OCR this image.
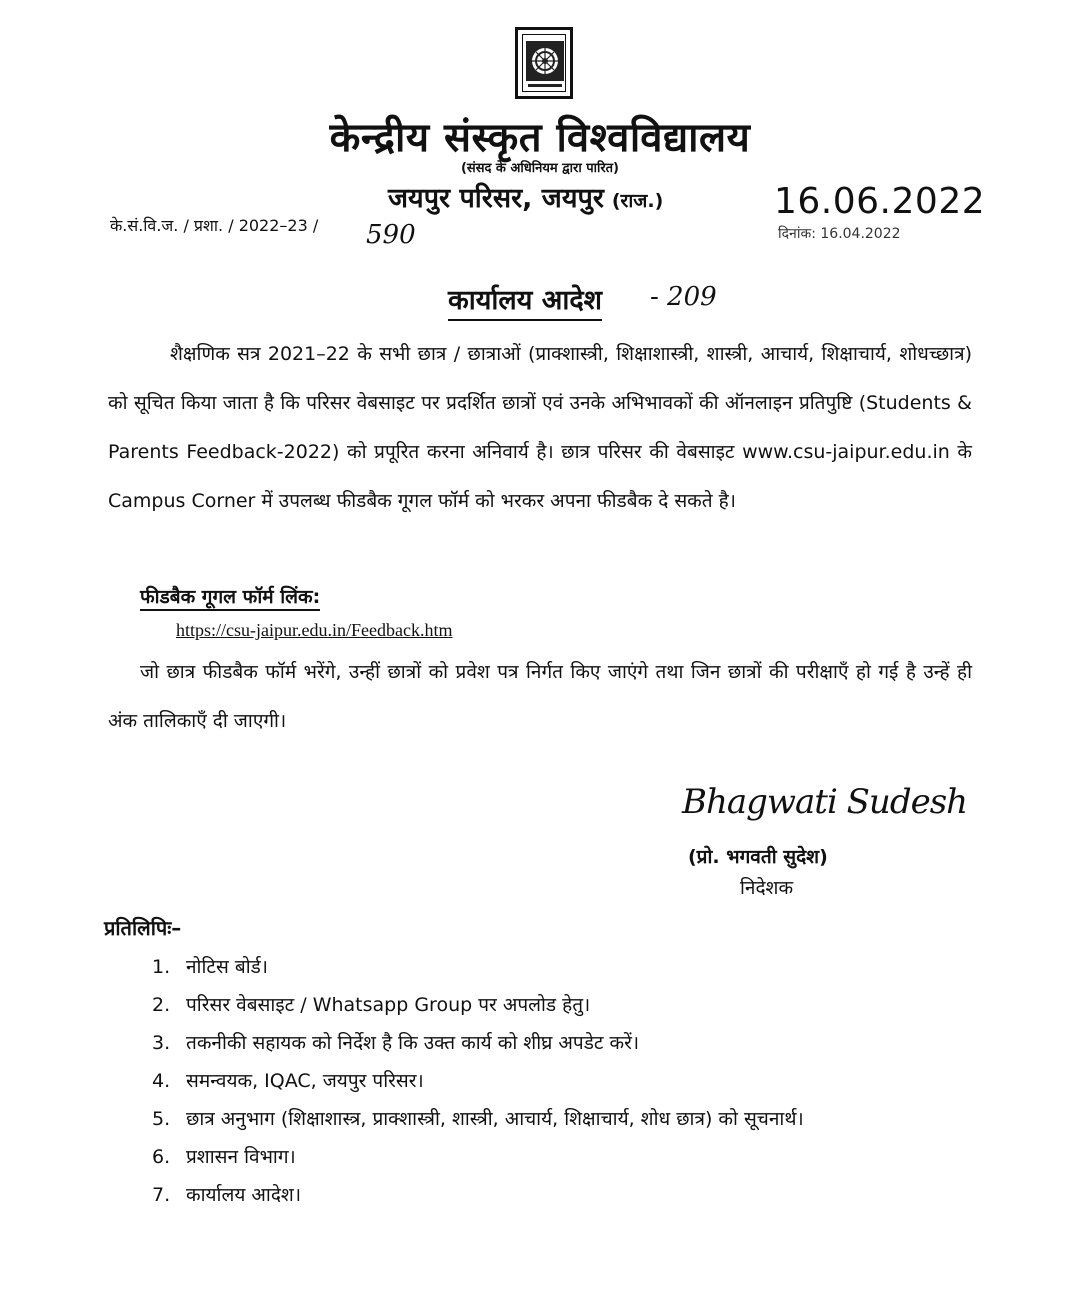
केन्द्रीय संस्कृत विश्वविद्यालय
(संसद के अधिनियम द्वारा पारित)
जयपुर परिसर, जयपुर (राज.)	16.06.2022
के.सं.वि.ज. / प्रशा. / 2022–23 / 590	दिनांक: 16.04.2022
कार्यालय आदेश - 209
शैक्षणिक सत्र 2021–22 के सभी छात्र / छात्राओं (प्राक्शास्त्री, शिक्षाशास्त्री, शास्त्री, आचार्य, शिक्षाचार्य, शोधच्छात्र) को सूचित किया जाता है कि परिसर वेबसाइट पर प्रदर्शित छात्रों एवं उनके अभिभावकों की ऑनलाइन प्रतिपुष्टि (Students & Parents Feedback-2022) को प्रपूरित करना अनिवार्य है। छात्र परिसर की वेबसाइट www.csu-jaipur.edu.in के Campus Corner में उपलब्ध फीडबैक गूगल फॉर्म को भरकर अपना फीडबैक दे सकते है।
फीडबैक गूगल फॉर्म लिंक:
https://csu-jaipur.edu.in/Feedback.htm
जो छात्र फीडबैक फॉर्म भरेंगे, उन्हीं छात्रों को प्रवेश पत्र निर्गत किए जाएंगे तथा जिन छात्रों की परीक्षाएँ हो गई है उन्हें ही अंक तालिकाएँ दी जाएगी।
Bhagwati Sudesh
(प्रो. भगवती सुदेश)
निदेशक
प्रतिलिपिः–
1. नोटिस बोर्ड।
2. परिसर वेबसाइट / Whatsapp Group पर अपलोड हेतु।
3. तकनीकी सहायक को निर्देश है कि उक्त कार्य को शीघ्र अपडेट करें।
4. समन्वयक, IQAC, जयपुर परिसर।
5. छात्र अनुभाग (शिक्षाशास्त्र, प्राक्शास्त्री, शास्त्री, आचार्य, शिक्षाचार्य, शोध छात्र) को सूचनार्थ।
6. प्रशासन विभाग।
7. कार्यालय आदेश।
